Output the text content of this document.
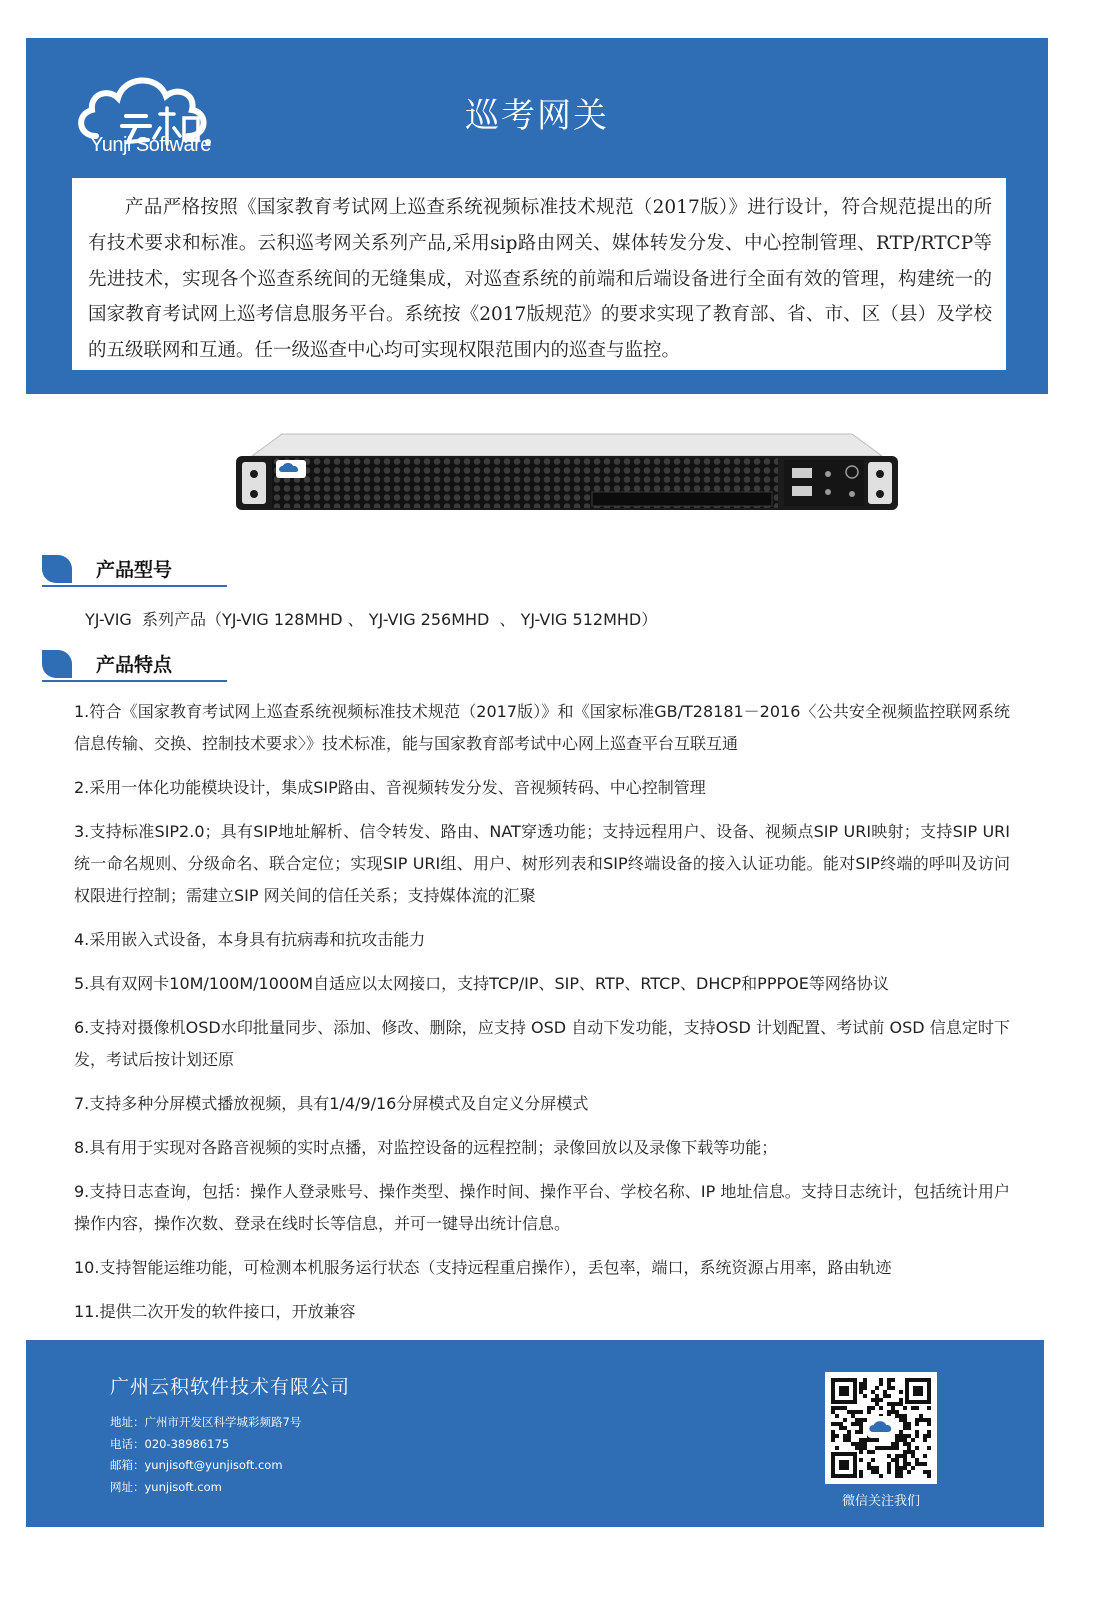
Yunji Software
巡考网关
产品严格按照《国家教育考试网上巡查系统视频标准技术规范（2017版）》进行设计，符合规范提出的所有技术要求和标准。云积巡考网关系列产品,采用sip路由网关、媒体转发分发、中心控制管理、RTP/RTCP等先进技术，实现各个巡查系统间的无缝集成，对巡查系统的前端和后端设备进行全面有效的管理，构建统一的国家教育考试网上巡考信息服务平台。系统按《2017版规范》的要求实现了教育部、省、市、区（县）及学校的五级联网和互通。任一级巡查中心均可实现权限范围内的巡查与监控。
产品型号
YJ-VIG  系列产品（YJ-VIG 128MHD 、 YJ-VIG 256MHD  、 YJ-VIG 512MHD）
产品特点
1.符合《国家教育考试网上巡查系统视频标准技术规范（2017版）》和《国家标准GB/T28181－2016〈公共安全视频监控联网系统信息传输、交换、控制技术要求〉》技术标准，能与国家教育部考试中心网上巡查平台互联互通
2.采用一体化功能模块设计，集成SIP路由、音视频转发分发、音视频转码、中心控制管理
3.支持标准SIP2.0；具有SIP地址解析、信令转发、路由、NAT穿透功能；支持远程用户、设备、视频点SIP URI映射；支持SIP URI统一命名规则、分级命名、联合定位；实现SIP URI组、用户、树形列表和SIP终端设备的接入认证功能。能对SIP终端的呼叫及访问权限进行控制；需建立SIP 网关间的信任关系；支持媒体流的汇聚
4.采用嵌入式设备，本身具有抗病毒和抗攻击能力
5.具有双网卡10M/100M/1000M自适应以太网接口，支持TCP/IP、SIP、RTP、RTCP、DHCP和PPPOE等网络协议
6.支持对摄像机OSD水印批量同步、添加、修改、删除，应支持 OSD 自动下发功能，支持OSD 计划配置、考试前 OSD 信息定时下发，考试后按计划还原
7.支持多种分屏模式播放视频，具有1/4/9/16分屏模式及自定义分屏模式
8.具有用于实现对各路音视频的实时点播，对监控设备的远程控制；录像回放以及录像下载等功能；
9.支持日志查询，包括：操作人登录账号、操作类型、操作时间、操作平台、学校名称、IP 地址信息。支持日志统计，包括统计用户操作内容，操作次数、登录在线时长等信息，并可一键导出统计信息。
10.支持智能运维功能，可检测本机服务运行状态（支持远程重启操作），丢包率，端口，系统资源占用率，路由轨迹
11.提供二次开发的软件接口，开放兼容
广州云积软件技术有限公司
地址：广州市开发区科学城彩频路7号
电话：020-38986175
邮箱：yunjisoft@yunjisoft.com
网址：yunjisoft.com
微信关注我们
